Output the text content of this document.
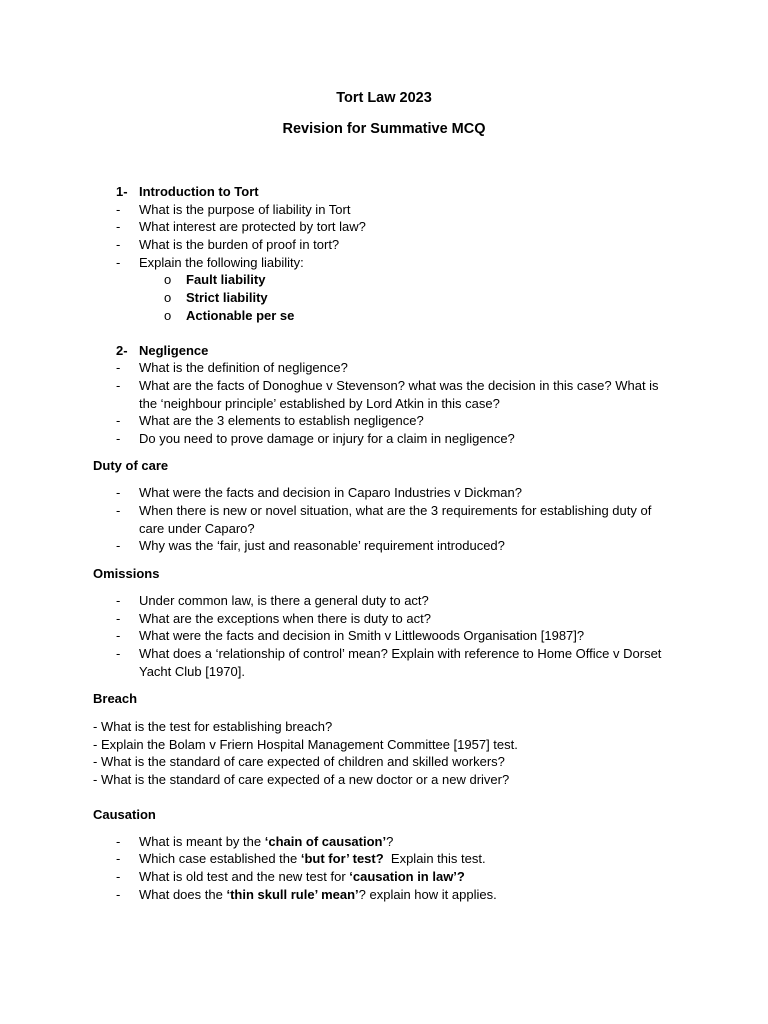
Tort Law 2023
Revision for Summative MCQ
1- Introduction to Tort
- What is the purpose of liability in Tort
- What interest are protected by tort law?
- What is the burden of proof in tort?
- Explain the following liability:
o Fault liability
o Strict liability
o Actionable per se
2- Negligence
- What is the definition of negligence?
- What are the facts of Donoghue v Stevenson? what was the decision in this case? What is
the ‘neighbour principle’ established by Lord Atkin in this case?
- What are the 3 elements to establish negligence?
- Do you need to prove damage or injury for a claim in negligence?
Duty of care
- What were the facts and decision in Caparo Industries v Dickman?
- When there is new or novel situation, what are the 3 requirements for establishing duty of
care under Caparo?
- Why was the ‘fair, just and reasonable’ requirement introduced?
Omissions
- Under common law, is there a general duty to act?
- What are the exceptions when there is duty to act?
- What were the facts and decision in Smith v Littlewoods Organisation [1987]?
- What does a ‘relationship of control’ mean? Explain with reference to Home Office v Dorset
Yacht Club [1970].
Breach
- What is the test for establishing breach?
- Explain the Bolam v Friern Hospital Management Committee [1957] test.
- What is the standard of care expected of children and skilled workers?
- What is the standard of care expected of a new doctor or a new driver?
Causation
- What is meant by the ‘chain of causation’?
- Which case established the ‘but for’ test?  Explain this test.
- What is old test and the new test for ‘causation in law’?
- What does the ‘thin skull rule’ mean’? explain how it applies.
